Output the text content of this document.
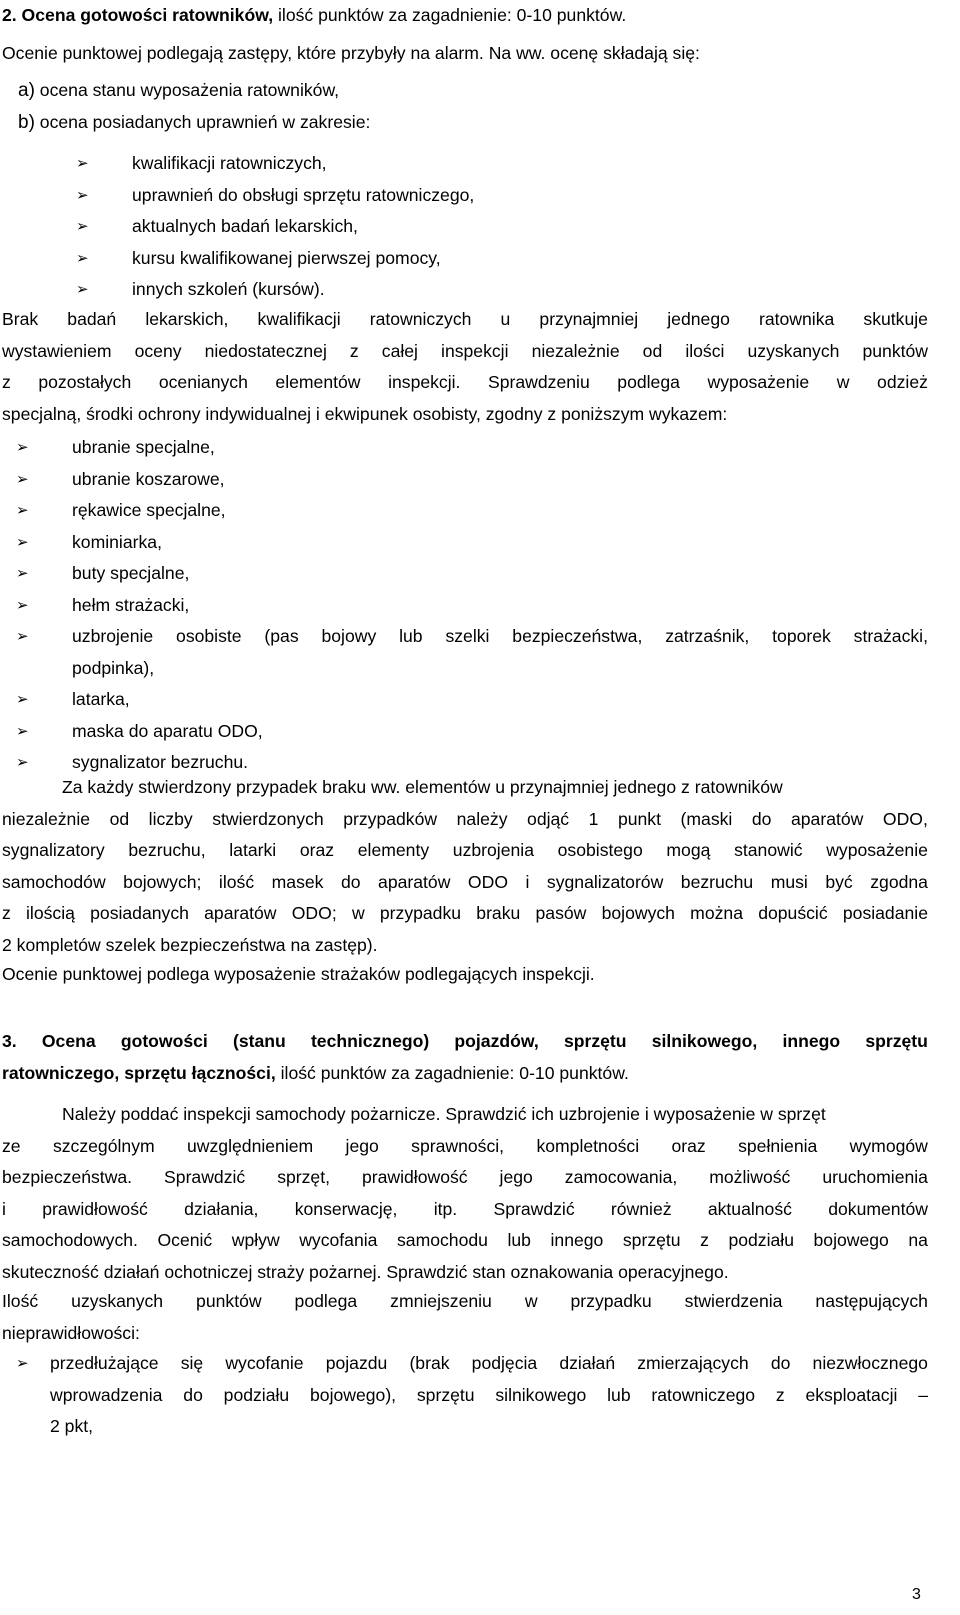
2. Ocena gotowości ratowników, ilość punktów za zagadnienie: 0-10 punktów.
Ocenie punktowej podlegają zastępy, które przybyły na alarm. Na ww. ocenę składają się:
a) ocena stanu wyposażenia ratowników,
b) ocena posiadanych uprawnień w zakresie:
➢ kwalifikacji ratowniczych,
➢ uprawnień do obsługi sprzętu ratowniczego,
➢ aktualnych badań lekarskich,
➢ kursu kwalifikowanej pierwszej pomocy,
➢ innych szkoleń (kursów).
Brak badań lekarskich, kwalifikacji ratowniczych u przynajmniej jednego ratownika skutkuje
wystawieniem oceny niedostatecznej z całej inspekcji niezależnie od ilości uzyskanych punktów
z pozostałych ocenianych elementów inspekcji. Sprawdzeniu podlega wyposażenie w odzież
specjalną, środki ochrony indywidualnej i ekwipunek osobisty, zgodny z poniższym wykazem:
➢ ubranie specjalne,
➢ ubranie koszarowe,
➢ rękawice specjalne,
➢ kominiarka,
➢ buty specjalne,
➢ hełm strażacki,
➢ uzbrojenie osobiste (pas bojowy lub szelki bezpieczeństwa, zatrzaśnik, toporek strażacki,
podpinka),
➢ latarka,
➢ maska do aparatu ODO,
➢ sygnalizator bezruchu.
Za każdy stwierdzony przypadek braku ww. elementów u przynajmniej jednego z ratowników
niezależnie od liczby stwierdzonych przypadków należy odjąć 1 punkt (maski do aparatów ODO,
sygnalizatory bezruchu, latarki oraz elementy uzbrojenia osobistego mogą stanowić wyposażenie
samochodów bojowych; ilość masek do aparatów ODO i sygnalizatorów bezruchu musi być zgodna
z ilością posiadanych aparatów ODO; w przypadku braku pasów bojowych można dopuścić posiadanie
2 kompletów szelek bezpieczeństwa na zastęp).
Ocenie punktowej podlega wyposażenie strażaków podlegających inspekcji.
3. Ocena gotowości (stanu technicznego) pojazdów, sprzętu silnikowego, innego sprzętu
ratowniczego, sprzętu łączności, ilość punktów za zagadnienie: 0-10 punktów.
Należy poddać inspekcji samochody pożarnicze. Sprawdzić ich uzbrojenie i wyposażenie w sprzęt
ze szczególnym uwzględnieniem jego sprawności, kompletności oraz spełnienia wymogów
bezpieczeństwa. Sprawdzić sprzęt, prawidłowość jego zamocowania, możliwość uruchomienia
i prawidłowość działania, konserwację, itp. Sprawdzić również aktualność dokumentów
samochodowych. Ocenić wpływ wycofania samochodu lub innego sprzętu z podziału bojowego na
skuteczność działań ochotniczej straży pożarnej. Sprawdzić stan oznakowania operacyjnego.
Ilość uzyskanych punktów podlega zmniejszeniu w przypadku stwierdzenia następujących
nieprawidłowości:
➢ przedłużające się wycofanie pojazdu (brak podjęcia działań zmierzających do niezwłocznego
wprowadzenia do podziału bojowego), sprzętu silnikowego lub ratowniczego z eksploatacji –
2 pkt,
3
